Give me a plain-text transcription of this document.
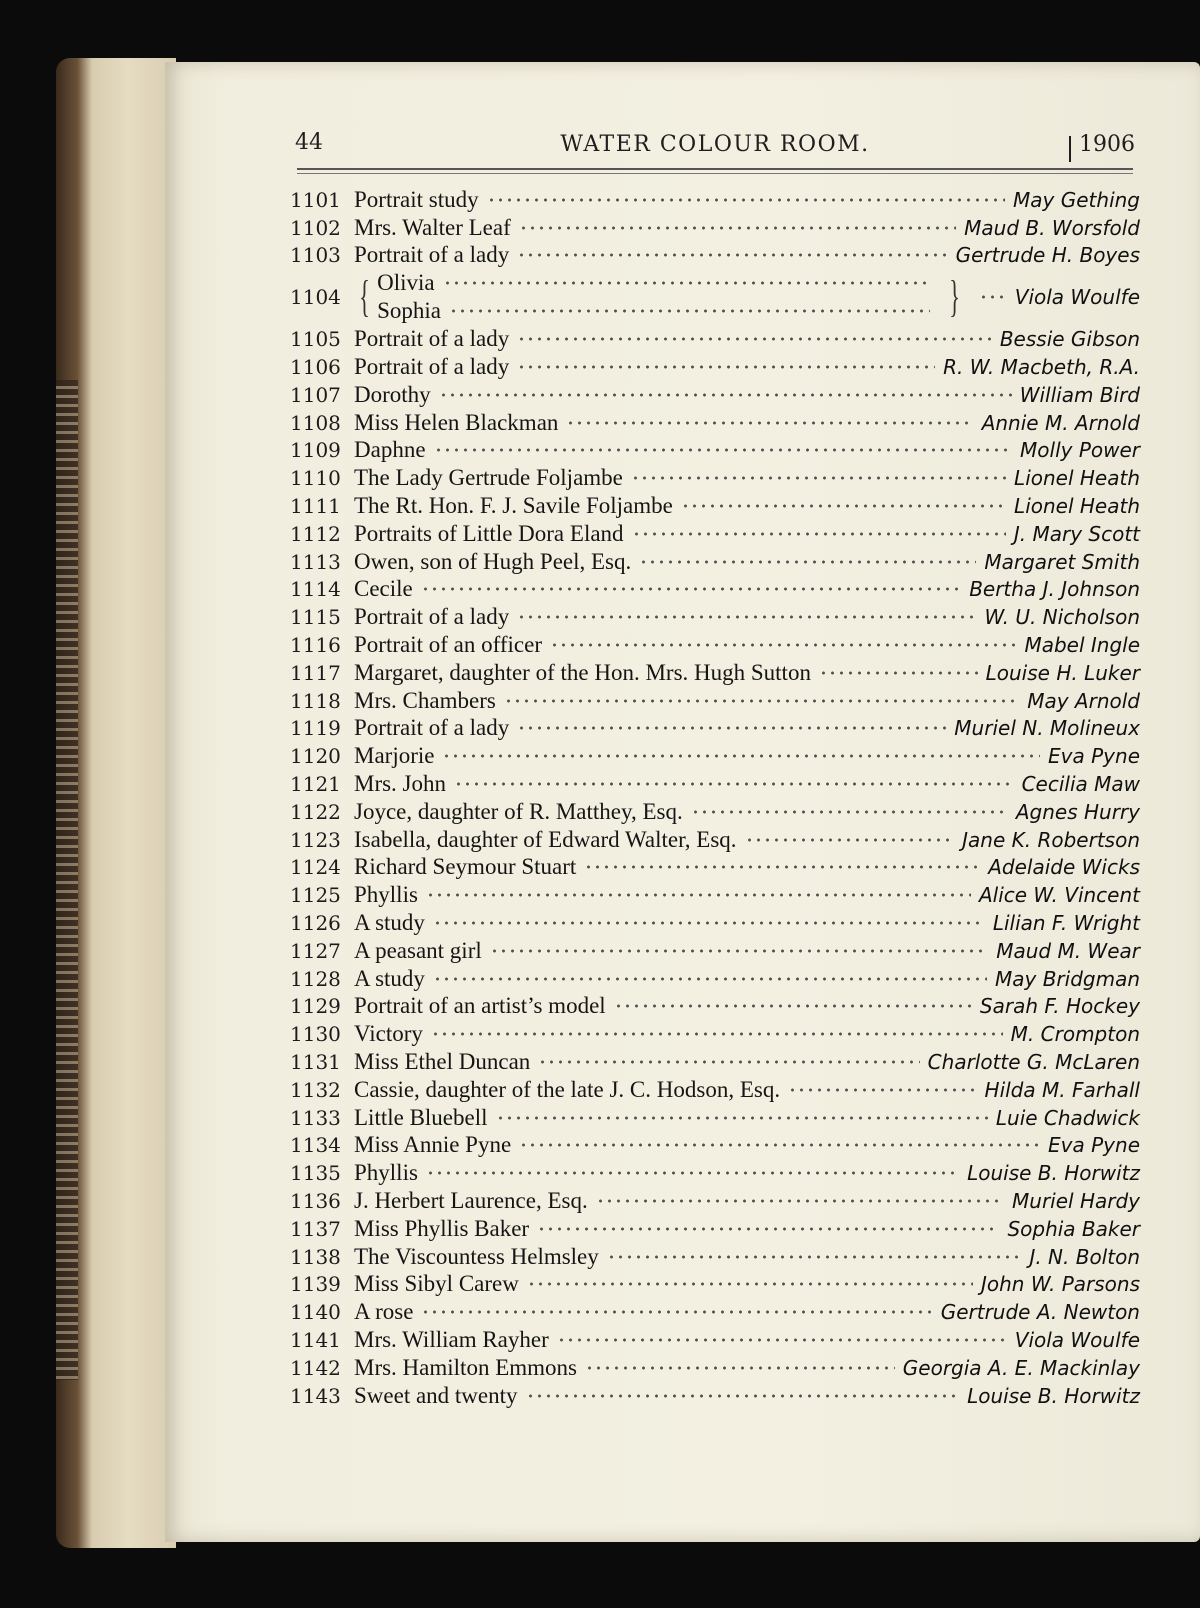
44	WATER COLOUR ROOM.	1906
1101 Portrait study	May Gething
1102 Mrs. Walter Leaf	Maud B. Worsfold
1103 Portrait of a lady	Gertrude H. Boyes
1104 { Olivia
Sophia	}	Viola Woulfe
1105 Portrait of a lady	Bessie Gibson
1106 Portrait of a lady	R. W. Macbeth, R.A.
1107 Dorothy	William Bird
1108 Miss Helen Blackman	Annie M. Arnold
1109 Daphne	Molly Power
1110 The Lady Gertrude Foljambe	Lionel Heath
1111 The Rt. Hon. F. J. Savile Foljambe	Lionel Heath
1112 Portraits of Little Dora Eland	J. Mary Scott
1113 Owen, son of Hugh Peel, Esq.	Margaret Smith
1114 Cecile	Bertha J. Johnson
1115 Portrait of a lady	W. U. Nicholson
1116 Portrait of an officer	Mabel Ingle
1117 Margaret, daughter of the Hon. Mrs. Hugh Sutton	Louise H. Luker
1118 Mrs. Chambers	May Arnold
1119 Portrait of a lady	Muriel N. Molineux
1120 Marjorie	Eva Pyne
1121 Mrs. John	Cecilia Maw
1122 Joyce, daughter of R. Matthey, Esq.	Agnes Hurry
1123 Isabella, daughter of Edward Walter, Esq.	Jane K. Robertson
1124 Richard Seymour Stuart	Adelaide Wicks
1125 Phyllis	Alice W. Vincent
1126 A study	Lilian F. Wright
1127 A peasant girl	Maud M. Wear
1128 A study	May Bridgman
1129 Portrait of an artist’s model	Sarah F. Hockey
1130 Victory	M. Crompton
1131 Miss Ethel Duncan	Charlotte G. McLaren
1132 Cassie, daughter of the late J. C. Hodson, Esq.	Hilda M. Farhall
1133 Little Bluebell	Luie Chadwick
1134 Miss Annie Pyne	Eva Pyne
1135 Phyllis	Louise B. Horwitz
1136 J. Herbert Laurence, Esq.	Muriel Hardy
1137 Miss Phyllis Baker	Sophia Baker
1138 The Viscountess Helmsley	J. N. Bolton
1139 Miss Sibyl Carew	John W. Parsons
1140 A rose	Gertrude A. Newton
1141 Mrs. William Rayher	Viola Woulfe
1142 Mrs. Hamilton Emmons	Georgia A. E. Mackinlay
1143 Sweet and twenty	Louise B. Horwitz
